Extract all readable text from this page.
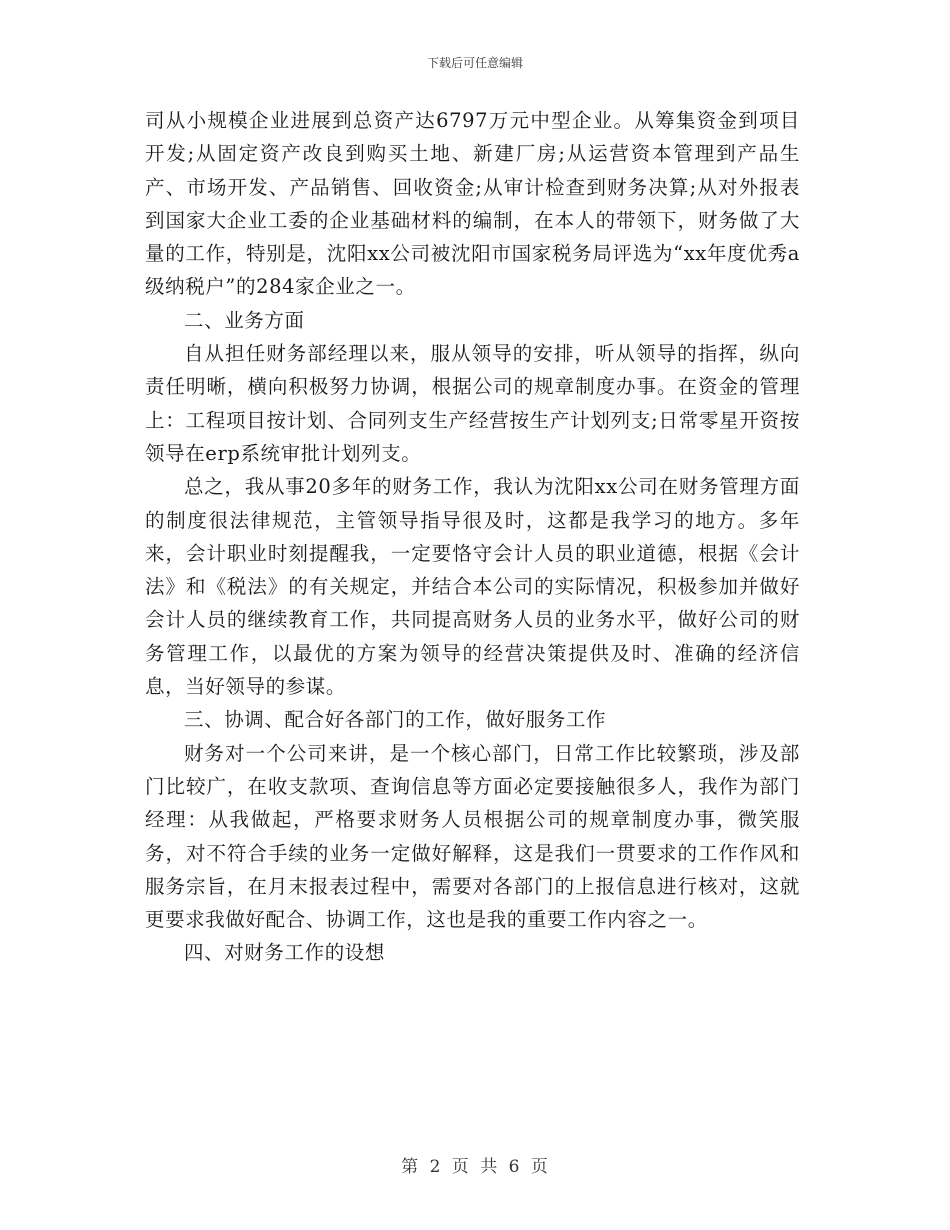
下载后可任意编辑

司从小规模企业进展到总资产达6797万元中型企业。从筹集资金到项目开发;从固定资产改良到购买土地、新建厂房;从运营资本管理到产品生产、市场开发、产品销售、回收资金;从审计检查到财务决算;从对外报表到国家大企业工委的企业基础材料的编制，在本人的带领下，财务做了大量的工作，特别是，沈阳xx公司被沈阳市国家税务局评选为“xx年度优秀a级纳税户”的284家企业之一。

二、业务方面

自从担任财务部经理以来，服从领导的安排，听从领导的指挥，纵向责任明晰，横向积极努力协调，根据公司的规章制度办事。在资金的管理上：工程项目按计划、合同列支生产经营按生产计划列支;日常零星开资按领导在erp系统审批计划列支。

总之，我从事20多年的财务工作，我认为沈阳xx公司在财务管理方面的制度很法律规范，主管领导指导很及时，这都是我学习的地方。多年来，会计职业时刻提醒我，一定要恪守会计人员的职业道德，根据《会计法》和《税法》的有关规定，并结合本公司的实际情况，积极参加并做好会计人员的继续教育工作，共同提高财务人员的业务水平，做好公司的财务管理工作，以最优的方案为领导的经营决策提供及时、准确的经济信息，当好领导的参谋。

三、协调、配合好各部门的工作，做好服务工作

财务对一个公司来讲，是一个核心部门，日常工作比较繁琐，涉及部门比较广，在收支款项、查询信息等方面必定要接触很多人，我作为部门经理：从我做起，严格要求财务人员根据公司的规章制度办事，微笑服务，对不符合手续的业务一定做好解释，这是我们一贯要求的工作作风和服务宗旨，在月末报表过程中，需要对各部门的上报信息进行核对，这就更要求我做好配合、协调工作，这也是我的重要工作内容之一。

四、对财务工作的设想

第 2 页 共 6 页
